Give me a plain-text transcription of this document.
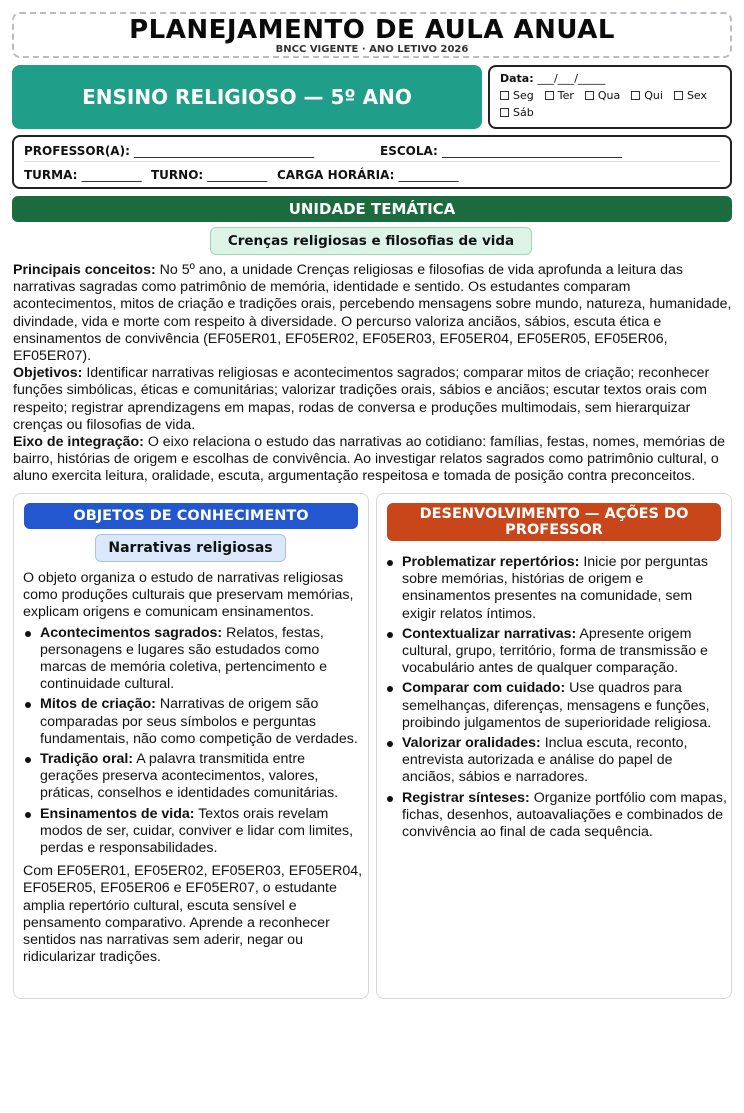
PLANEJAMENTO DE AULA ANUAL
BNCC VIGENTE · ANO LETIVO 2026
ENSINO RELIGIOSO — 5º ANO
Data: ___/___/_____
Seg Ter Qua Qui Sex
Sáb
PROFESSOR(A): ______________________________	ESCOLA: ______________________________
TURMA: __________ TURNO: __________ CARGA HORÁRIA: __________
UNIDADE TEMÁTICA
Crenças religiosas e filosofias de vida

Principais conceitos: No 5º ano, a unidade Crenças religiosas e filosofias de vida aprofunda a leitura das narrativas sagradas como patrimônio de memória, identidade e sentido. Os estudantes comparam acontecimentos, mitos de criação e tradições orais, percebendo mensagens sobre mundo, natureza, humanidade, divindade, vida e morte com respeito à diversidade. O percurso valoriza anciãos, sábios, escuta ética e ensinamentos de convivência (EF05ER01, EF05ER02, EF05ER03, EF05ER04, EF05ER05, EF05ER06, EF05ER07).

Objetivos: Identificar narrativas religiosas e acontecimentos sagrados; comparar mitos de criação; reconhecer funções simbólicas, éticas e comunitárias; valorizar tradições orais, sábios e anciãos; escutar textos orais com respeito; registrar aprendizagens em mapas, rodas de conversa e produções multimodais, sem hierarquizar crenças ou filosofias de vida.

Eixo de integração: O eixo relaciona o estudo das narrativas ao cotidiano: famílias, festas, nomes, memórias de bairro, histórias de origem e escolhas de convivência. Ao investigar relatos sagrados como patrimônio cultural, o aluno exercita leitura, oralidade, escuta, argumentação respeitosa e tomada de posição contra preconceitos.

OBJETOS DE CONHECIMENTO
Narrativas religiosas

O objeto organiza o estudo de narrativas religiosas como produções culturais que preservam memórias, explicam origens e comunicam ensinamentos.

Acontecimentos sagrados: Relatos, festas, personagens e lugares são estudados como marcas de memória coletiva, pertencimento e continuidade cultural.
Mitos de criação: Narrativas de origem são comparadas por seus símbolos e perguntas fundamentais, não como competição de verdades.
Tradição oral: A palavra transmitida entre gerações preserva acontecimentos, valores, práticas, conselhos e identidades comunitárias.
Ensinamentos de vida: Textos orais revelam modos de ser, cuidar, conviver e lidar com limites, perdas e responsabilidades.

Com EF05ER01, EF05ER02, EF05ER03, EF05ER04, EF05ER05, EF05ER06 e EF05ER07, o estudante amplia repertório cultural, escuta sensível e pensamento comparativo. Aprende a reconhecer sentidos nas narrativas sem aderir, negar ou ridicularizar tradições.

DESENVOLVIMENTO — AÇÕES DO PROFESSOR
Problematizar repertórios: Inicie por perguntas sobre memórias, histórias de origem e ensinamentos presentes na comunidade, sem exigir relatos íntimos.
Contextualizar narrativas: Apresente origem cultural, grupo, território, forma de transmissão e vocabulário antes de qualquer comparação.
Comparar com cuidado: Use quadros para semelhanças, diferenças, mensagens e funções, proibindo julgamentos de superioridade religiosa.
Valorizar oralidades: Inclua escuta, reconto, entrevista autorizada e análise do papel de anciãos, sábios e narradores.
Registrar sínteses: Organize portfólio com mapas, fichas, desenhos, autoavaliações e combinados de convivência ao final de cada sequência.
